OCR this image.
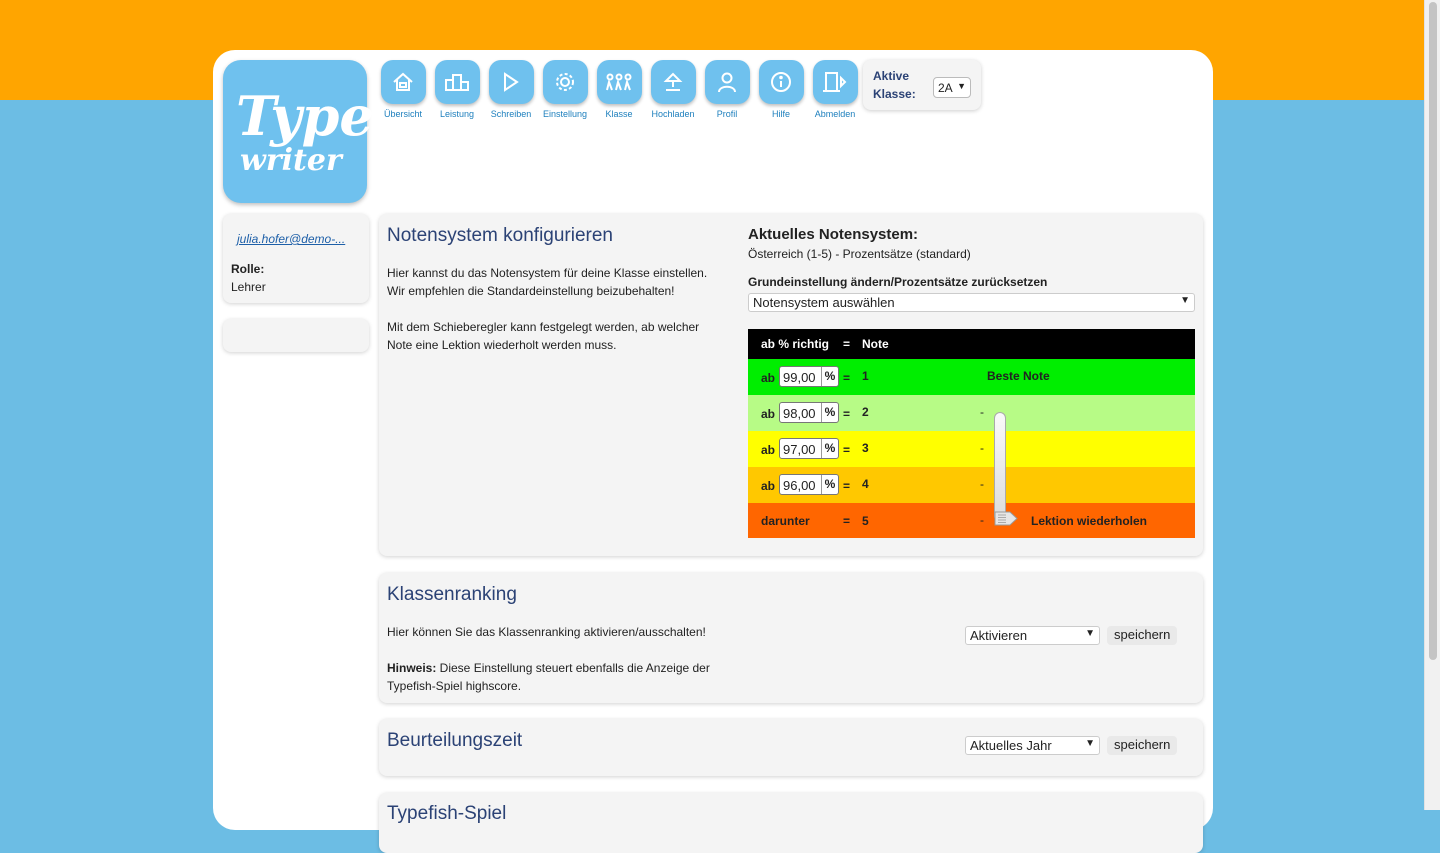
Type
writer
Übersicht Leistung Schreiben Einstellung Klasse Hochladen Profil	Hilfe	Abmelden
Aktive
Klasse:	2A ▼
julia.hofer@demo-...
Rolle:
Lehrer
Notensystem konfigurieren

Hier kannst du das Notensystem für deine Klasse einstellen.
Wir empfehlen die Standardeinstellung beizubehalten!

Mit dem Schieberegler kann festgelegt werden, ab welcher
Note eine Lektion wiederholt werden muss.

Aktuelles Notensystem:
Österreich (1-5) - Prozentsätze (standard)
Grundeinstellung ändern/Prozentsätze zurücksetzen
Notensystem auswählen	▼
ab % richtig = Note
ab 99,00 % = 1	Beste Note
ab 98,00 % = 2	-
ab 97,00 % = 3	-
ab 96,00 % = 4	-
darunter	= 5	-	Lektion wiederholen
Klassenranking

Hier können Sie das Klassenranking aktivieren/ausschalten!

Hinweis: Diese Einstellung steuert ebenfalls die Anzeige der
Typefish-Spiel highscore.

Aktivieren	▼	speichern
Beurteilungszeit	Aktuelles Jahr	▼	speichern
Typefish-Spiel
